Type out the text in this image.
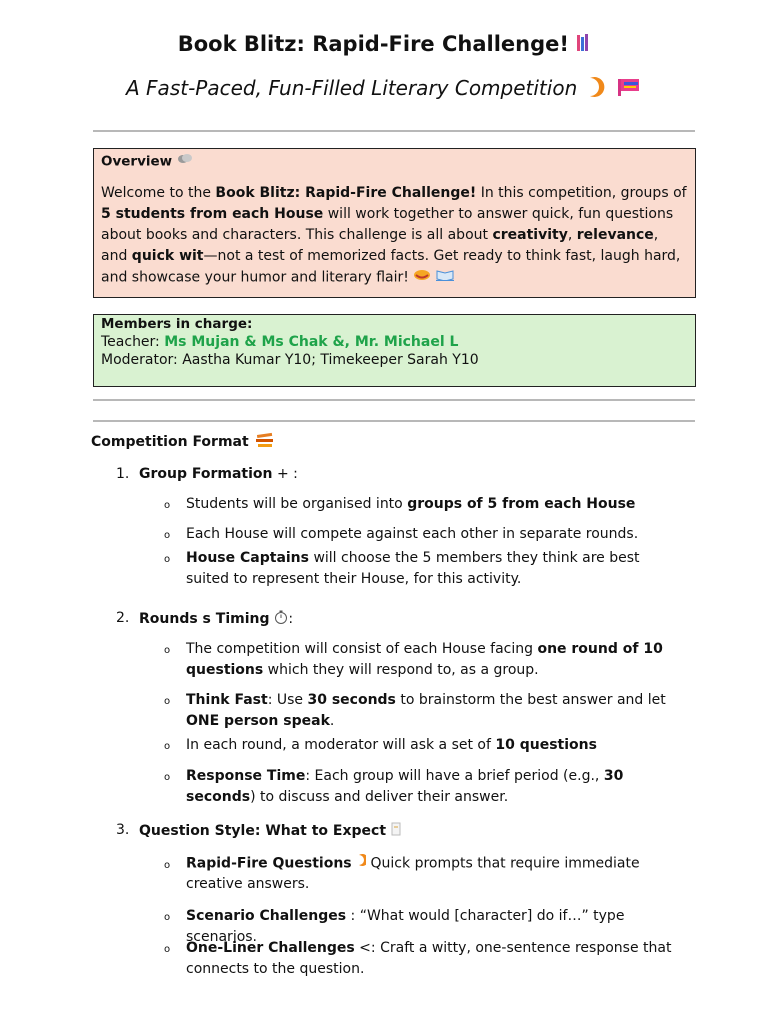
Book Blitz: Rapid-Fire Challenge!
A Fast-Paced, Fun-Filled Literary Competition
Overview
Welcome to the Book Blitz: Rapid-Fire Challenge! In this competition, groups of 5 students from each House will work together to answer quick, fun questions about books and characters. This challenge is all about creativity, relevance, and quick wit—not a test of memorized facts. Get ready to think fast, laugh hard, and showcase your humor and literary flair!
Members in charge:
Teacher: Ms Mujan & Ms Chak &, Mr. Michael L
Moderator: Aastha Kumar Y10; Timekeeper Sarah Y10
Competition Format
1. Group Formation + :
o Students will be organised into groups of 5 from each House
o Each House will compete against each other in separate rounds.
o House Captains will choose the 5 members they think are best suited to represent their House, for this activity.
2. Rounds s Timing :
o The competition will consist of each House facing one round of 10 questions which they will respond to, as a group.
o Think Fast: Use 30 seconds to brainstorm the best answer and let ONE person speak.
o In each round, a moderator will ask a set of 10 questions
o Response Time: Each group will have a brief period (e.g., 30 seconds) to discuss and deliver their answer.
3. Question Style: What to Expect
o Rapid-Fire Questions  Quick prompts that require immediate creative answers.
o Scenario Challenges : “What would [character] do if…” type scenarios.
o One-Liner Challenges <: Craft a witty, one-sentence response that connects to the question.
